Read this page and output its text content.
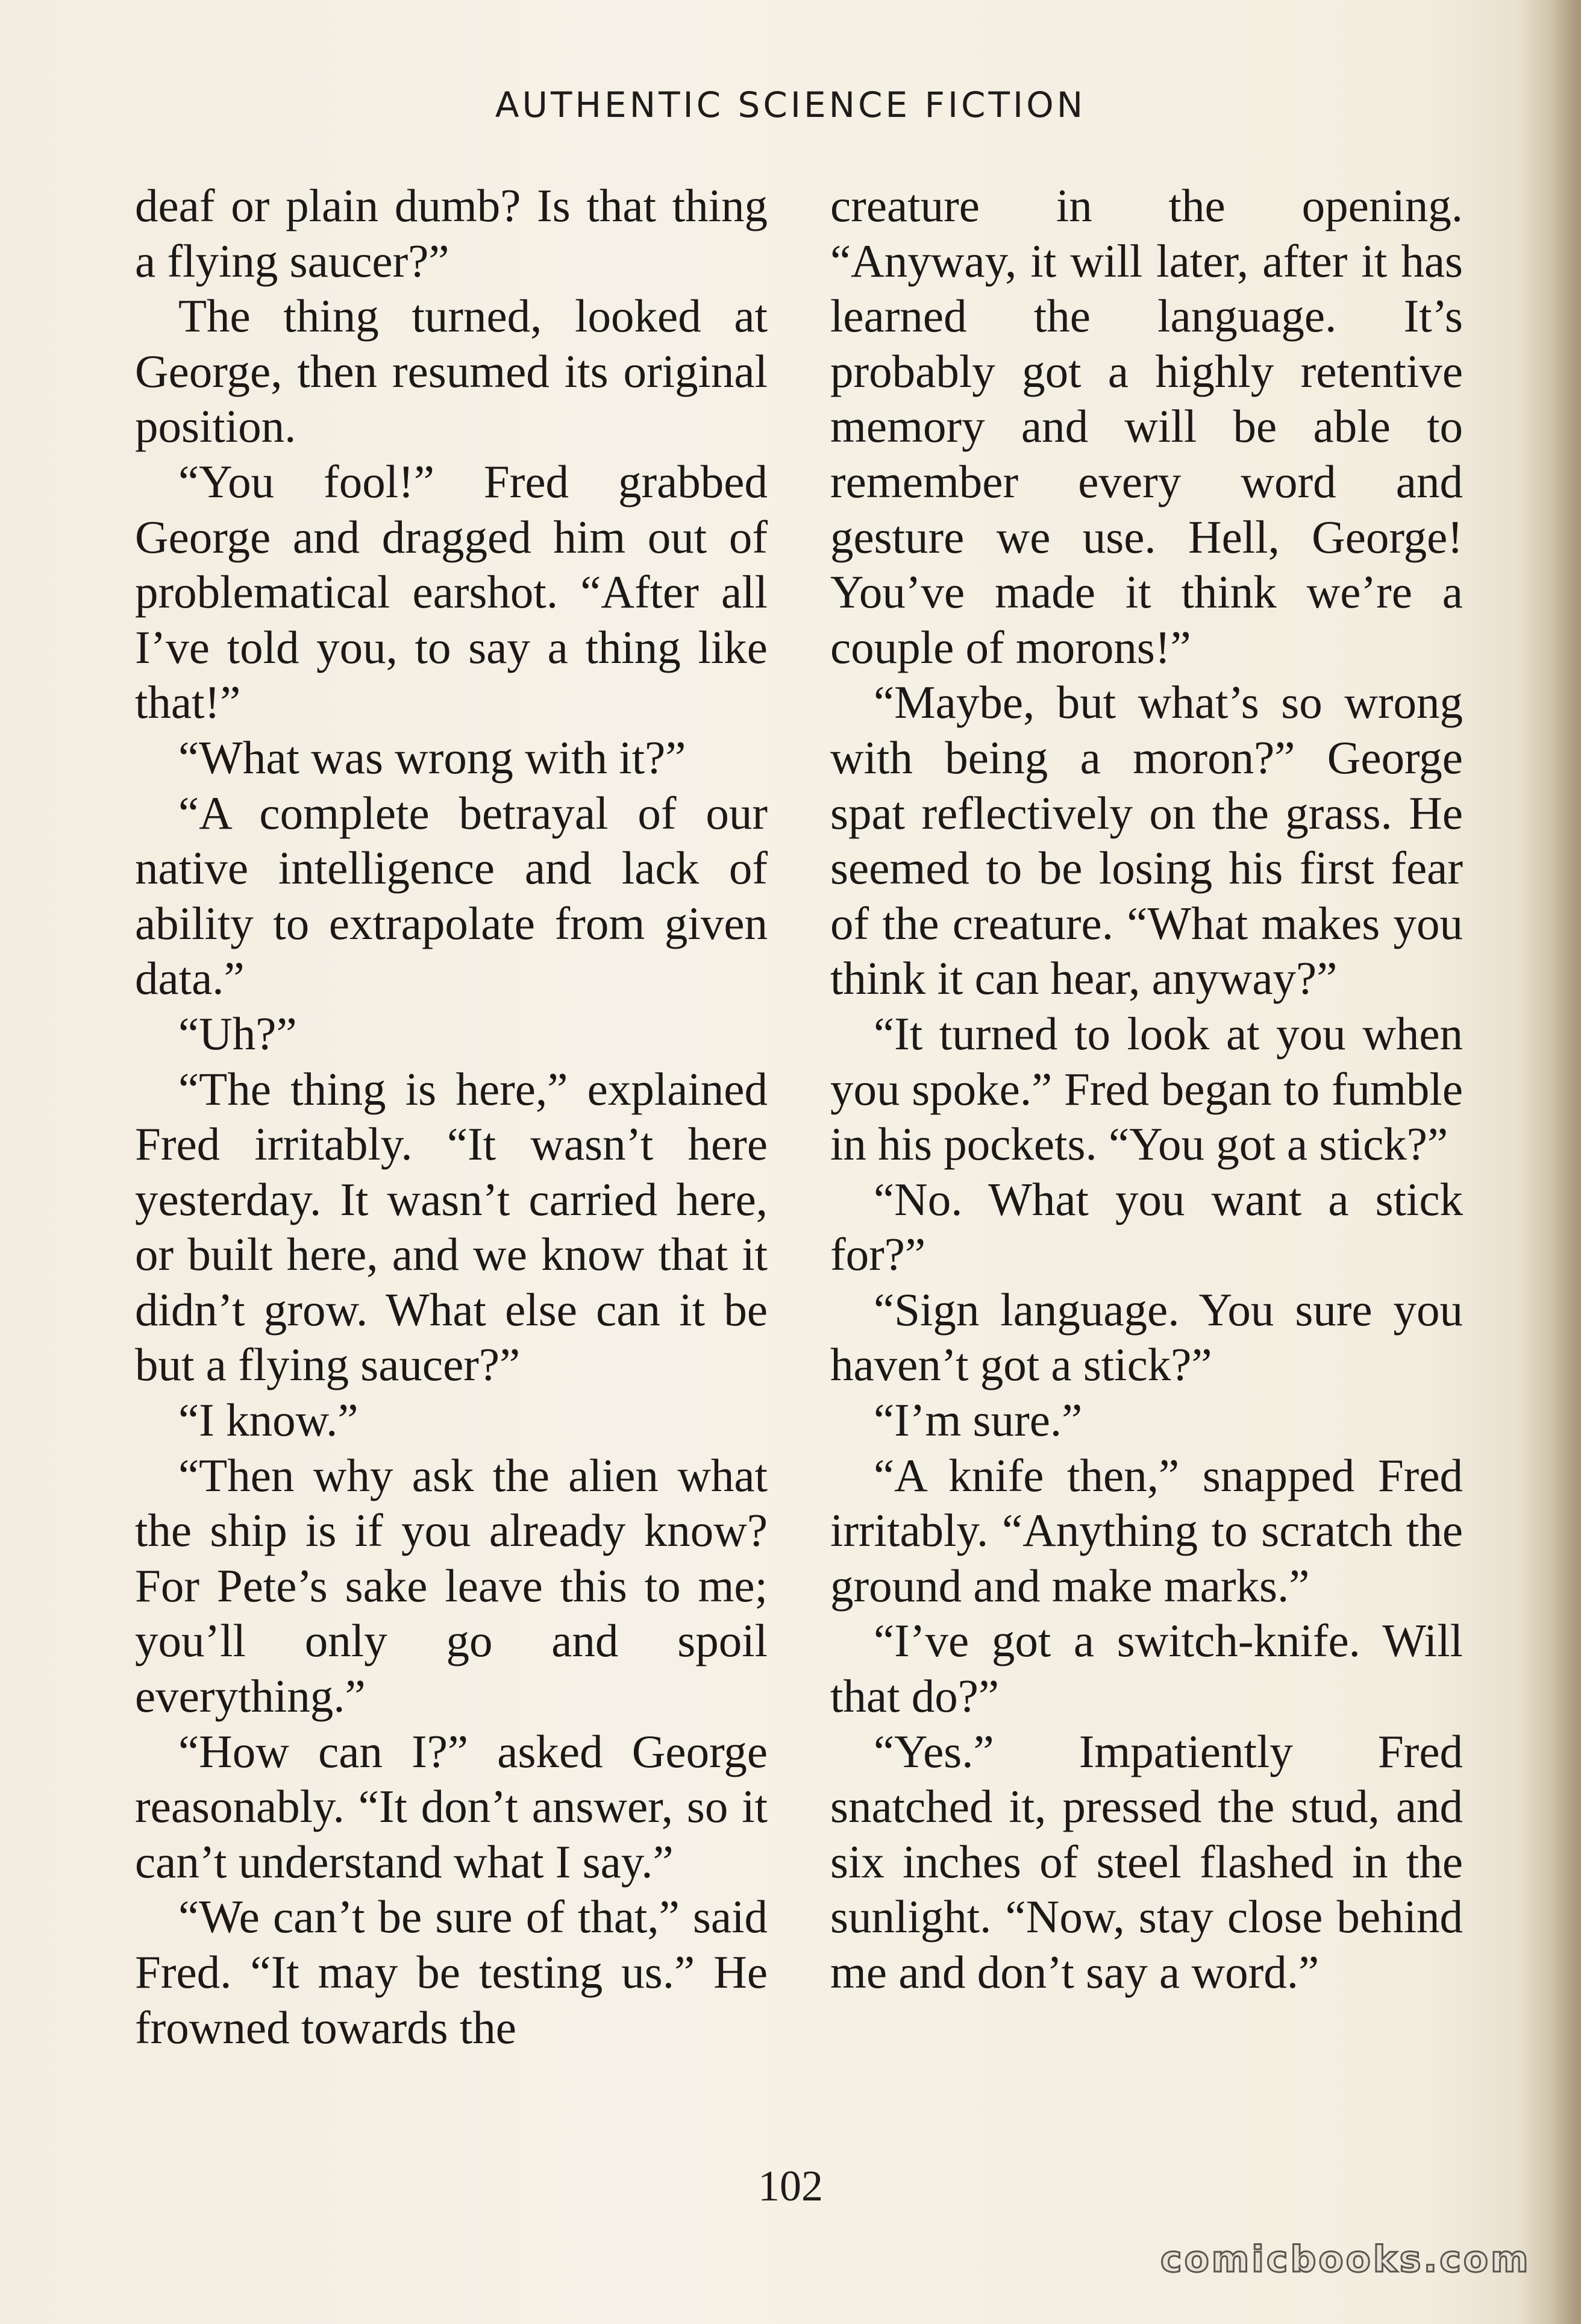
AUTHENTIC SCIENCE FICTION

deaf or plain dumb? Is that thing a flying saucer?”

The thing turned, looked at George, then resumed its original position.

“You fool!” Fred grabbed George and dragged him out of problematical earshot. “After all I’ve told you, to say a thing like that!”

“What was wrong with it?”

“A complete betrayal of our native intelligence and lack of ability to extrapolate from given data.”

“Uh?”

“The thing is here,” explained Fred irritably. “It wasn’t here yesterday. It wasn’t carried here, or built here, and we know that it didn’t grow. What else can it be but a flying saucer?”

“I know.”

“Then why ask the alien what the ship is if you already know? For Pete’s sake leave this to me; you’ll only go and spoil everything.”

“How can I?” asked George reasonably. “It don’t answer, so it can’t understand what I say.”

“We can’t be sure of that,” said Fred. “It may be testing us.” He frowned towards the

creature in the opening. “Anyway, it will later, after it has learned the language. It’s probably got a highly retentive memory and will be able to remember every word and gesture we use. Hell, George! You’ve made it think we’re a couple of morons!”

“Maybe, but what’s so wrong with being a moron?” George spat reflectively on the grass. He seemed to be losing his first fear of the creature. “What makes you think it can hear, anyway?”

“It turned to look at you when you spoke.” Fred began to fumble in his pockets. “You got a stick?”

“No. What you want a stick for?”

“Sign language. You sure you haven’t got a stick?”

“I’m sure.”

“A knife then,” snapped Fred irritably. “Anything to scratch the ground and make marks.”

“I’ve got a switch-knife. Will that do?”

“Yes.” Impatiently Fred snatched it, pressed the stud, and six inches of steel flashed in the sunlight. “Now, stay close behind me and don’t say a word.”

102
comicbooks.com
